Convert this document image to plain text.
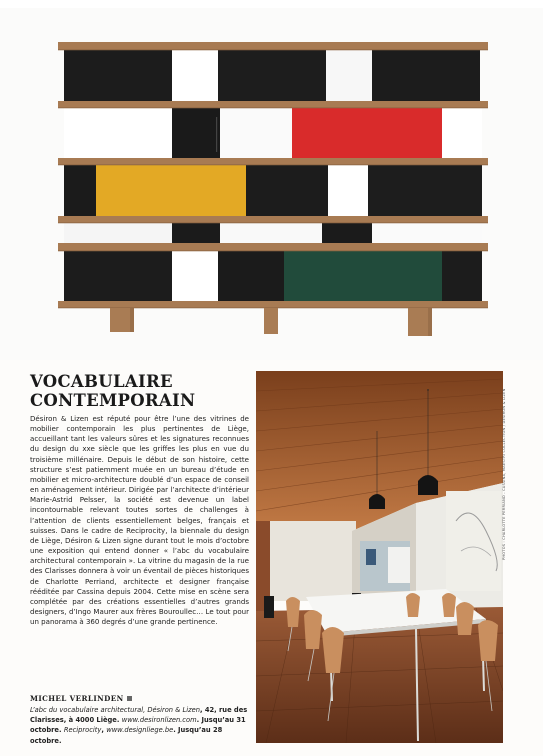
VOCABULAIRE
CONTEMPORAIN

Désiron & Lizen est réputé pour être l’une des vitrines de mobilier contemporain les plus pertinentes de Liège, accueillant tant les valeurs sûres et les signatures reconnues du design du xxe siècle que les griffes les plus en vue du troisième millénaire. Depuis le début de son histoire, cette structure s’est patiemment muée en un bureau d’étude en mobilier et micro-architecture doublé d’un espace de conseil en aménagement intérieur. Dirigée par l’architecte d’intérieur Marie-Astrid Pelsser, la société est devenue un label incontournable relevant toutes sortes de challenges à l’attention de clients essentiellement belges, français et suisses. Dans le cadre de Reciprocity, la biennale du design de Liège, Désiron & Lizen signe durant tout le mois d’octobre une exposition qui entend donner « l’abc du vocabulaire architectural contemporain ». La vitrine du magasin de la rue des Clarisses donnera à voir un éventail de pièces historiques de Charlotte Perriand, architecte et designer française rééditée par Cassina depuis 2004. Cette mise en scène sera complétée par des créations essentielles d’autres grands designers, d’Ingo Maurer aux frères Bouroullec… Le tout pour un panorama à 360 degrés d’une grande pertinence.

MICHEL VERLINDEN

L’abc du vocabulaire architectural, Désiron & Lizen, 42, rue des Clarisses, à 4000 Liège. www.desironlizen.com. Jusqu’au 31 octobre. Reciprocity, www.designliege.be. Jusqu’au 28 octobre.

PHOTOS : CHARLOTTE PERRIAND - CASSINA, MAESTRI COLLECTION / DÉSIRON & LIZEN
